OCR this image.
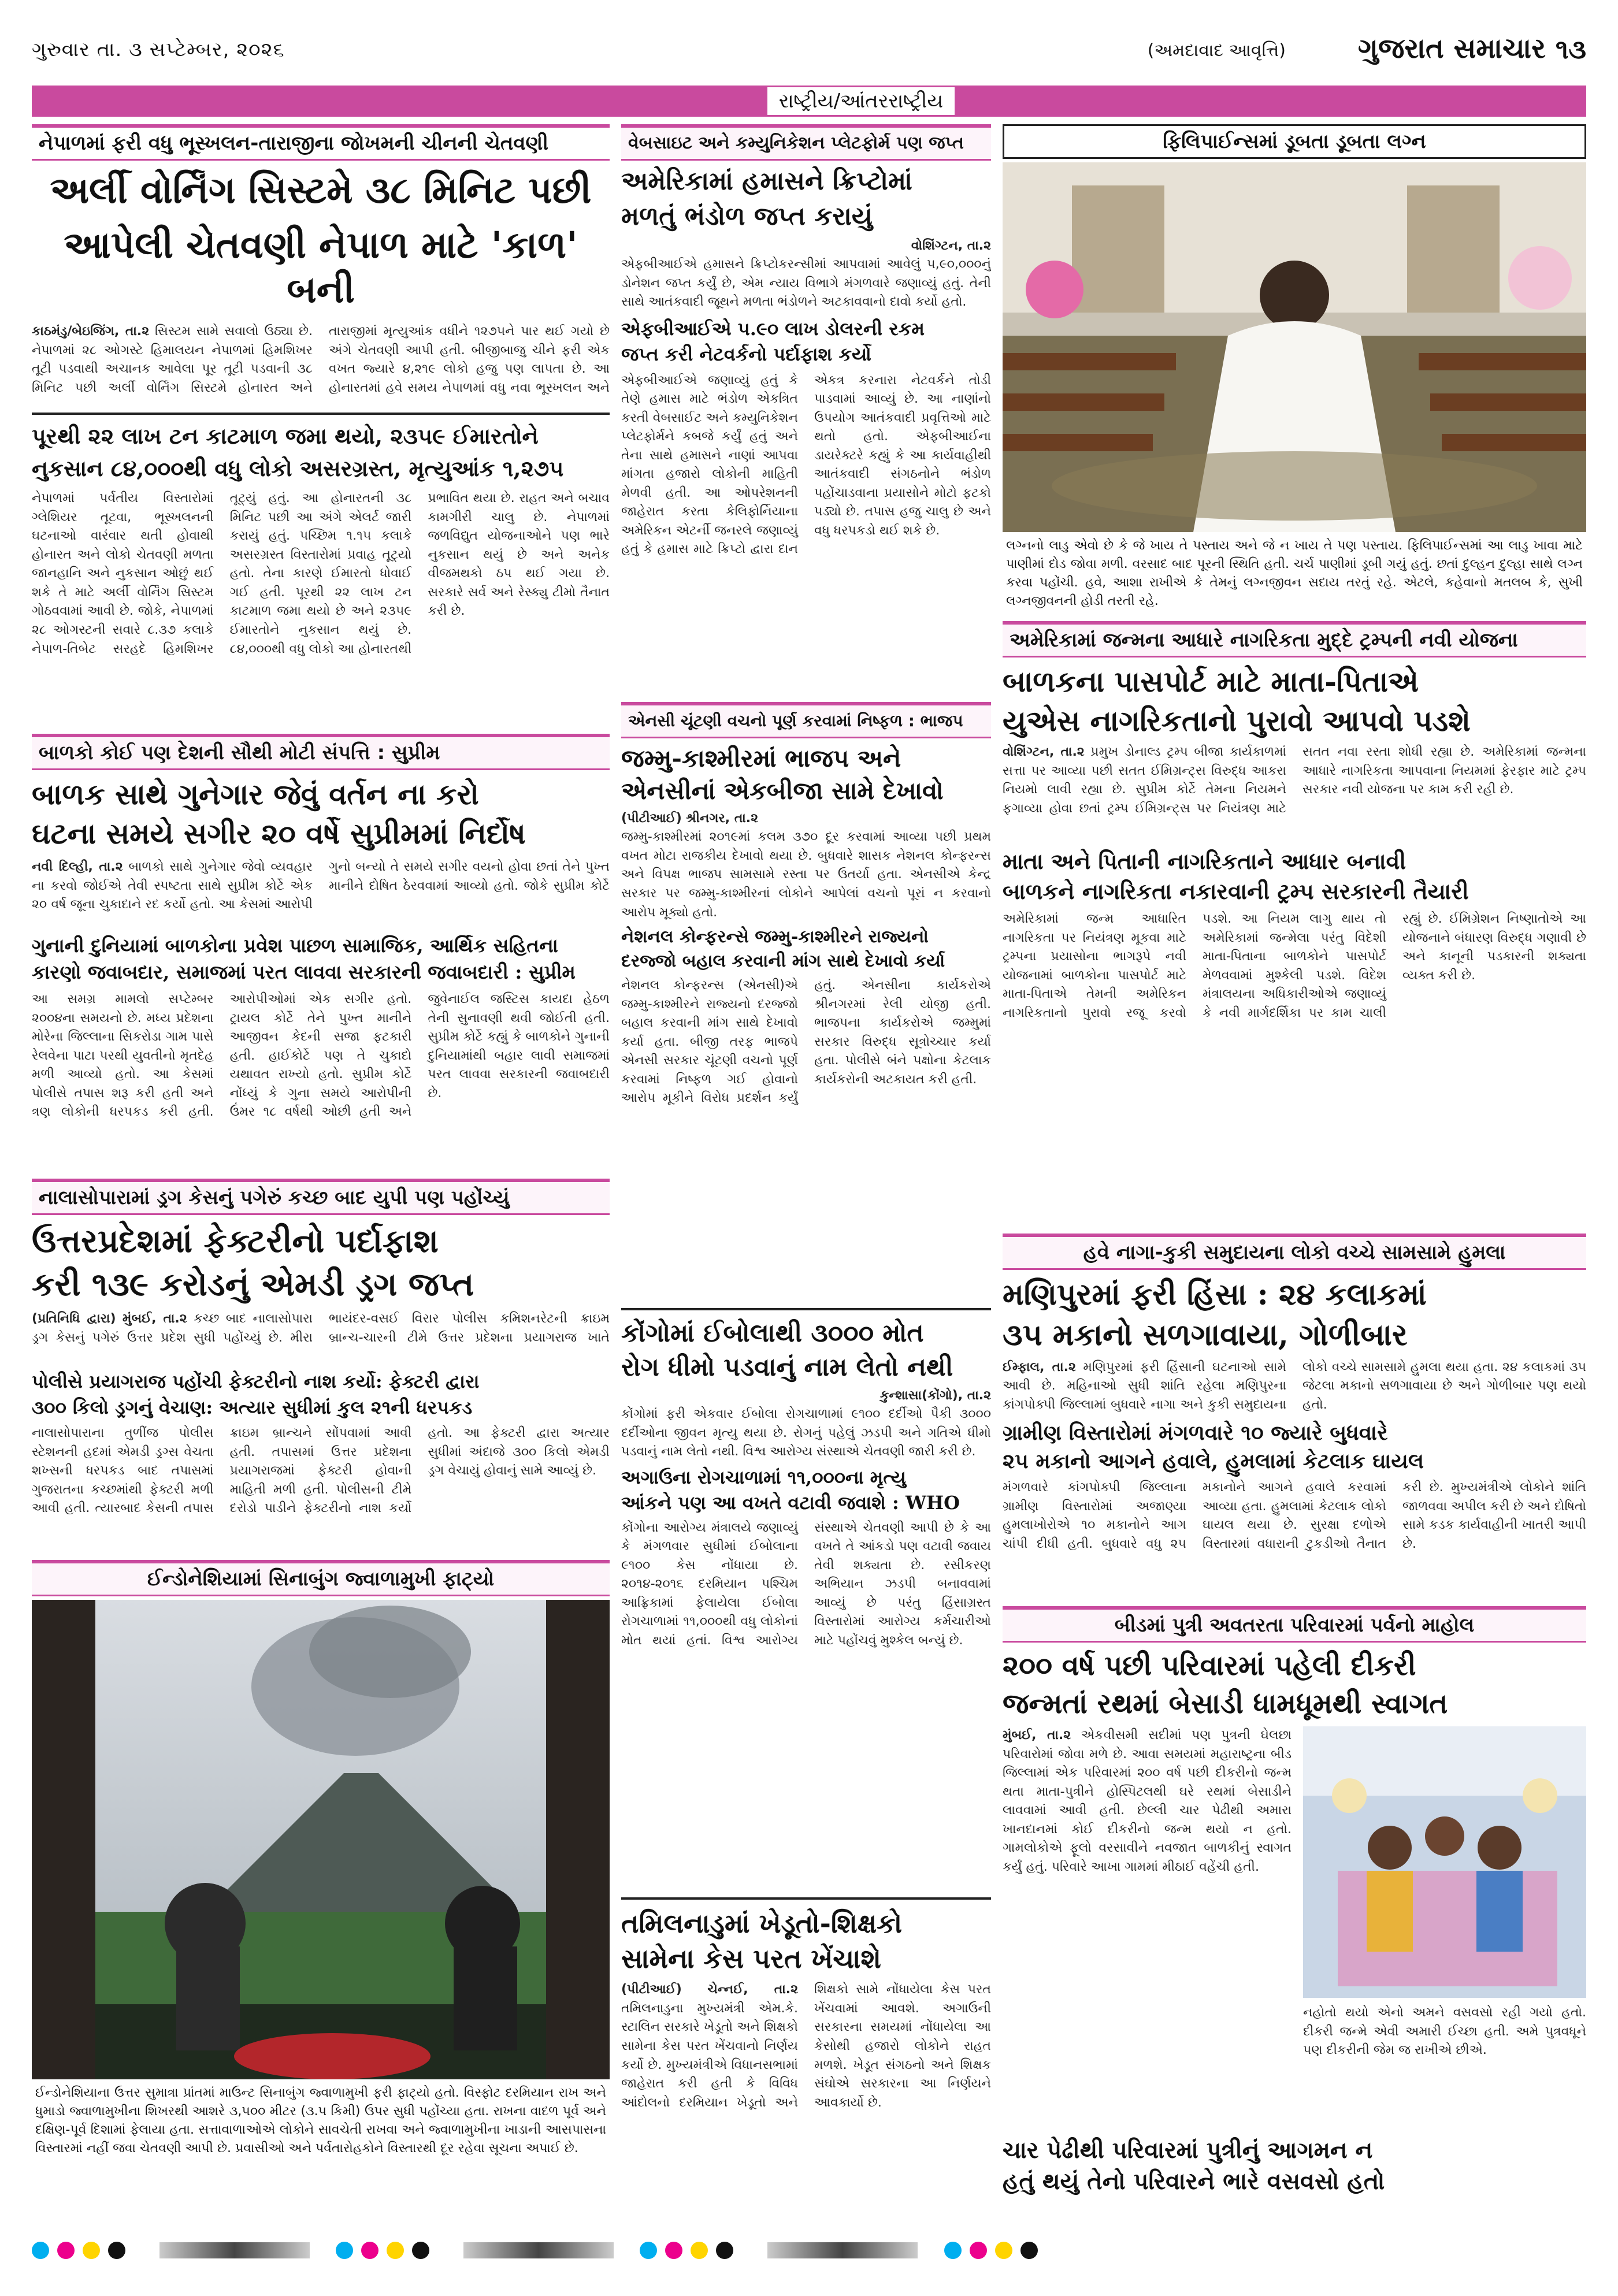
ગુરુવાર તા. ૩ સપ્ટેમ્બર, ૨૦૨૬	(અમદાવાદ આવૃત્તિ)	ગુજરાત સમાચાર ૧૩
રાષ્ટ્રીય/આંતરરાષ્ટ્રીય
નેપાળમાં ફરી વધુ ભૂસ્ખલન-તારાજીના જોખમની ચીનની ચેતવણી
અર્લી વોર્નિંગ સિસ્ટમે ૩૮ મિનિટ પછી
આપેલી ચેતવણી નેપાળ માટે 'કાળ' બની
કાઠમંડુ/બેઇજિંગ, તા.૨ સિસ્ટમ સામે સવાલો ઉઠ્યા છે. નેપાળમાં ૨૮ ઓગસ્ટે હિમાલયન નેપાળમાં હિમશિખર તૂટી પડવાથી અચાનક આવેલા પૂર તૂટી પડવાની ૩૮ મિનિટ પછી અર્લી વોર્નિંગ સિસ્ટમે હોનારત અને તારાજીમાં મૃત્યુઆંક વધીને ૧૨૭૫ને પાર થઈ ગયો છે અંગે ચેતવણી આપી હતી. બીજીબાજુ ચીને ફરી એક વખત જ્યારે ૪,૨૧૯ લોકો હજુ પણ લાપતા છે. આ હોનારતમાં હવે સમય નેપાળમાં વધુ નવા ભૂસ્ખલન અને
પૂરથી ૨૨ લાખ ટન કાટમાળ જમા થયો, ૨૩૫૯ ઈમારતોને
નુકસાન ૮૪,૦૦૦થી વધુ લોકો અસરગ્રસ્ત, મૃત્યુઆંક ૧,૨૭૫
નેપાળમાં પર્વતીય વિસ્તારોમાં ગ્લેશિયર તૂટવા, ભૂસ્ખલનની ઘટનાઓ વારંવાર થતી હોવાથી હોનારત અને લોકો ચેતવણી મળતા જાનહાનિ અને નુકસાન ઓછું થઈ શકે તે માટે અર્લી વોર્નિંગ સિસ્ટમ ગોઠવવામાં આવી છે. જોકે, નેપાળમાં ૨૮ ઓગસ્ટની સવારે ૮.૩૭ કલાકે નેપાળ-તિબેટ સરહદે હિમશિખર તૂટ્યું હતું. આ હોનારતની ૩૮ મિનિટ પછી આ અંગે એલર્ટ જારી કરાયું હતું. પચ્છિમ ૧.૧૫ કલાકે અસરગ્રસ્ત વિસ્તારોમાં પ્રવાહ તૂટ્યો હતો. તેના કારણે ઈમારતો ધોવાઈ ગઈ હતી. પૂરથી ૨૨ લાખ ટન કાટમાળ જમા થયો છે અને ૨૩૫૯ ઈમારતોને નુકસાન થયું છે. ૮૪,૦૦૦થી વધુ લોકો આ હોનારતથી પ્રભાવિત થયા છે. રાહત અને બચાવ કામગીરી ચાલુ છે. નેપાળમાં જળવિદ્યુત યોજનાઓને પણ ભારે નુકસાન થયું છે અને અનેક વીજમથકો ઠપ થઈ ગયા છે. સરકારે સર્વ અને રેસ્ક્યુ ટીમો તૈનાત કરી છે.
બાળકો કોઈ પણ દેશની સૌથી મોટી સંપત્તિ : સુપ્રીમ
બાળક સાથે ગુનેગાર જેવું વર્તન ના કરો
ઘટના સમયે સગીર ૨૦ વર્ષે સુપ્રીમમાં નિર્દોષ
નવી દિલ્હી, તા.૨ બાળકો સાથે ગુનેગાર જેવો વ્યવહાર ના કરવો જોઈએ તેવી સ્પષ્ટતા સાથે સુપ્રીમ કોર્ટે એક ૨૦ વર્ષ જૂના ચુકાદાને રદ કર્યો હતો. આ કેસમાં આરોપી ગુનો બન્યો તે સમયે સગીર વયનો હોવા છતાં તેને પુખ્ત માનીને દોષિત ઠેરવવામાં આવ્યો હતો. જોકે સુપ્રીમ કોર્ટે
ગુનાની દુનિયામાં બાળકોના પ્રવેશ પાછળ સામાજિક, આર્થિક સહિતના
કારણો જવાબદાર, સમાજમાં પરત લાવવા સરકારની જવાબદારી : સુપ્રીમ
આ સમગ્ર મામલો સપ્ટેમ્બર ૨૦૦૪ના સમયનો છે. મધ્ય પ્રદેશના મોરેના જિલ્લાના સિકરોડા ગામ પાસે રેલવેના પાટા પરથી યુવતીનો મૃતદેહ મળી આવ્યો હતો. આ કેસમાં પોલીસે તપાસ શરૂ કરી હતી અને ત્રણ લોકોની ધરપકડ કરી હતી. આરોપીઓમાં એક સગીર હતો. ટ્રાયલ કોર્ટે તેને પુખ્ત માનીને આજીવન કેદની સજા ફટકારી હતી. હાઈકોર્ટે પણ તે ચુકાદો યથાવત રાખ્યો હતો. સુપ્રીમ કોર્ટે નોંધ્યું કે ગુના સમયે આરોપીની ઉંમર ૧૮ વર્ષથી ઓછી હતી અને જુવેનાઈલ જસ્ટિસ કાયદા હેઠળ તેની સુનાવણી થવી જોઈતી હતી. સુપ્રીમ કોર્ટે કહ્યું કે બાળકોને ગુનાની દુનિયામાંથી બહાર લાવી સમાજમાં પરત લાવવા સરકારની જવાબદારી છે.
નાલાસોપારામાં ડ્રગ કેસનું પગેરું કચ્છ બાદ યુપી પણ પહોંચ્યું
ઉત્તરપ્રદેશમાં ફેક્ટરીનો પર્દાફાશ
કરી ૧૩૯ કરોડનું એમડી ડ્રગ જપ્ત
(પ્રતિનિધિ દ્વારા) મુંબઈ, તા.૨ કચ્છ બાદ નાલાસોપારા ડ્રગ કેસનું પગેરું ઉત્તર પ્રદેશ સુધી પહોંચ્યું છે. મીરા ભાયંદર-વસઈ વિરાર પોલીસ કમિશનરેટની ક્રાઇમ બ્રાન્ચ-ચારની ટીમે ઉત્તર પ્રદેશના પ્રયાગરાજ ખાતે
પોલીસે પ્રયાગરાજ પહોંચી ફેક્ટરીનો નાશ કર્યો: ફેક્ટરી દ્વારા
૩૦૦ કિલો ડ્રગનું વેચાણ: અત્યાર સુધીમાં કુલ ૨૧ની ધરપકડ
નાલાસોપારાના તુળીંજ પોલીસ સ્ટેશનની હદમાં એમડી ડ્રગ્સ વેચતા શખ્સની ધરપકડ બાદ તપાસમાં ગુજરાતના કચ્છમાંથી ફેક્ટરી મળી આવી હતી. ત્યારબાદ કેસની તપાસ ક્રાઇમ બ્રાન્ચને સોંપવામાં આવી હતી. તપાસમાં ઉત્તર પ્રદેશના પ્રયાગરાજમાં ફેક્ટરી હોવાની માહિતી મળી હતી. પોલીસની ટીમે દરોડો પાડીને ફેક્ટરીનો નાશ કર્યો હતો. આ ફેક્ટરી દ્વારા અત્યાર સુધીમાં અંદાજે ૩૦૦ કિલો એમડી ડ્રગ વેચાયું હોવાનું સામે આવ્યું છે.
ઈન્ડોનેશિયામાં સિનાબુંગ જ્વાળામુખી ફાટ્યો
ઈન્ડોનેશિયાના ઉત્તર સુમાત્રા પ્રાંતમાં માઉન્ટ સિનાબુંગ જ્વાળામુખી ફરી ફાટ્યો હતો. વિસ્ફોટ દરમિયાન રાખ અને ધુમાડો જ્વાળામુખીના શિખરથી આશરે ૩,૫૦૦ મીટર (૩.૫ કિમી) ઉપર સુધી પહોંચ્યા હતા. રાખના વાદળ પૂર્વ અને દક્ષિણ-પૂર્વ દિશામાં ફેલાયા હતા. સત્તાવાળાઓએ લોકોને સાવચેતી રાખવા અને જ્વાળામુખીના ખાડાની આસપાસના વિસ્તારમાં નહીં જવા ચેતવણી આપી છે. પ્રવાસીઓ અને પર્વતારોહકોને વિસ્તારથી દૂર રહેવા સૂચના અપાઈ છે.
વેબસાઇટ અને કમ્યુનિકેશન પ્લેટફોર્મ પણ જપ્ત
અમેરિકામાં હમાસને ક્રિપ્ટોમાં
મળતું ભંડોળ જપ્ત કરાયું
વોશિંગ્ટન, તા.૨
એફબીઆઈએ હમાસને ક્રિપ્ટોકરન્સીમાં આપવામાં આવેલું ૫,૯૦,૦૦૦નું ડોનેશન જપ્ત કર્યું છે, એમ ન્યાય વિભાગે મંગળવારે જણાવ્યું હતું. તેની સાથે આતંકવાદી જૂથને મળતા ભંડોળને અટકાવવાનો દાવો કર્યો હતો.
એફબીઆઈએ ૫.૯૦ લાખ ડોલરની રકમ
જપ્ત કરી નેટવર્કનો પર્દાફાશ કર્યો
એફબીઆઈએ જણાવ્યું હતું કે તેણે હમાસ માટે ભંડોળ એકત્રિત કરતી વેબસાઈટ અને કમ્યુનિકેશન પ્લેટફોર્મને કબજે કર્યું હતું અને તેના સાથે હમાસને નાણાં આપવા માંગતા હજારો લોકોની માહિતી મેળવી હતી. આ ઓપરેશનની જાહેરાત કરતા કેલિફોર્નિયાના અમેરિકન એટર્ની જનરલે જણાવ્યું હતું કે હમાસ માટે ક્રિપ્ટો દ્વારા દાન એકત્ર કરનારા નેટવર્કને તોડી પાડવામાં આવ્યું છે. આ નાણાંનો ઉપયોગ આતંકવાદી પ્રવૃત્તિઓ માટે થતો હતો. એફબીઆઈના ડાયરેક્ટરે કહ્યું કે આ કાર્યવાહીથી આતંકવાદી સંગઠનોને ભંડોળ પહોંચાડવાના પ્રયાસોને મોટો ફટકો પડ્યો છે. તપાસ હજુ ચાલુ છે અને વધુ ધરપકડો થઈ શકે છે.
એનસી ચૂંટણી વચનો પૂર્ણ કરવામાં નિષ્ફળ : ભાજપ
જમ્મુ-કાશ્મીરમાં ભાજપ અને
એનસીનાં એકબીજા સામે દેખાવો
(પીટીઆઈ) શ્રીનગર, તા.૨
જમ્મુ-કાશ્મીરમાં ૨૦૧૯માં કલમ ૩૭૦ દૂર કરવામાં આવ્યા પછી પ્રથમ વખત મોટા રાજકીય દેખાવો થયા છે. બુધવારે શાસક નેશનલ કોન્ફરન્સ અને વિપક્ષ ભાજપ સામસામે રસ્તા પર ઉતર્યા હતા. એનસીએ કેન્દ્ર સરકાર પર જમ્મુ-કાશ્મીરનાં લોકોને આપેલાં વચનો પૂરાં ન કરવાનો આરોપ મૂક્યો હતો.
નેશનલ કોન્ફરન્સે જમ્મુ-કાશ્મીરને રાજ્યનો
દરજ્જો બહાલ કરવાની માંગ સાથે દેખાવો કર્યા
નેશનલ કોન્ફરન્સ (એનસી)એ જમ્મુ-કાશ્મીરને રાજ્યનો દરજ્જો બહાલ કરવાની માંગ સાથે દેખાવો કર્યા હતા. બીજી તરફ ભાજપે એનસી સરકાર ચૂંટણી વચનો પૂર્ણ કરવામાં નિષ્ફળ ગઈ હોવાનો આરોપ મૂકીને વિરોધ પ્રદર્શન કર્યું હતું. એનસીના કાર્યકરોએ શ્રીનગરમાં રેલી યોજી હતી. ભાજપના કાર્યકરોએ જમ્મુમાં સરકાર વિરુદ્ધ સૂત્રોચ્ચાર કર્યા હતા. પોલીસે બંને પક્ષોના કેટલાક કાર્યકરોની અટકાયત કરી હતી.
કોંગોમાં ઈબોલાથી ૩૦૦૦ મોત
રોગ ધીમો પડવાનું નામ લેતો નથી
કુન્શાસા(કોંગો), તા.૨
કોંગોમાં ફરી એકવાર ઈબોલા રોગચાળામાં ૯૧૦૦ દર્દીઓ પૈકી ૩૦૦૦ દર્દીઓના જીવન મૃત્યુ થયા છે. રોગનું પહેલું ઝડપી અને ગતિએ ધીમો પડવાનું નામ લેતો નથી. વિશ્વ આરોગ્ય સંસ્થાએ ચેતવણી જારી કરી છે.
અગાઉના રોગચાળામાં ૧૧,૦૦૦ના મૃત્યુ
આંકને પણ આ વખતે વટાવી જવાશે : WHO
કોંગોના આરોગ્ય મંત્રાલયે જણાવ્યું કે મંગળવાર સુધીમાં ઈબોલાના ૯૧૦૦ કેસ નોંધાયા છે. ૨૦૧૪-૨૦૧૬ દરમિયાન પશ્ચિમ આફ્રિકામાં ફેલાયેલા ઈબોલા રોગચાળામાં ૧૧,૦૦૦થી વધુ લોકોનાં મોત થયાં હતાં. વિશ્વ આરોગ્ય સંસ્થાએ ચેતવણી આપી છે કે આ વખતે તે આંકડો પણ વટાવી જવાય તેવી શક્યતા છે. રસીકરણ અભિયાન ઝડપી બનાવવામાં આવ્યું છે પરંતુ હિંસાગ્રસ્ત વિસ્તારોમાં આરોગ્ય કર્મચારીઓ માટે પહોંચવું મુશ્કેલ બન્યું છે.
તમિલનાડુમાં ખેડૂતો-શિક્ષકો
સામેના કેસ પરત ખેંચાશે
(પીટીઆઈ) ચેન્નઈ, તા.૨ તમિલનાડુના મુખ્યમંત્રી એમ.કે. સ્ટાલિન સરકારે ખેડૂતો અને શિક્ષકો સામેના કેસ પરત ખેંચવાનો નિર્ણય કર્યો છે. મુખ્યમંત્રીએ વિધાનસભામાં જાહેરાત કરી હતી કે વિવિધ આંદોલનો દરમિયાન ખેડૂતો અને શિક્ષકો સામે નોંધાયેલા કેસ પરત ખેંચવામાં આવશે. અગાઉની સરકારના સમયમાં નોંધાયેલા આ કેસોથી હજારો લોકોને રાહત મળશે. ખેડૂત સંગઠનો અને શિક્ષક સંઘોએ સરકારના આ નિર્ણયને આવકાર્યો છે.
ફિલિપાઈન્સમાં ડૂબતા ડૂબતા લગ્ન
લગ્નનો લાડુ એવો છે કે જે ખાય તે પસ્તાય અને જે ન ખાય તે પણ પસ્તાય. ફિલિપાઈન્સમાં આ લાડુ ખાવા માટે પાણીમાં દોડ જોવા મળી. વરસાદ બાદ પૂરની સ્થિતિ હતી. ચર્ચ પાણીમાં ડૂબી ગયું હતું. છતાં દુલ્હન દુલ્હા સાથે લગ્ન કરવા પહોંચી. હવે, આશા રાખીએ કે તેમનું લગ્નજીવન સદાય તરતું રહે. એટલે, કહેવાનો મતલબ કે, સુખી લગ્નજીવનની હોડી તરતી રહે.
અમેરિકામાં જન્મના આધારે નાગરિકતા મુદ્દે ટ્રમ્પની નવી યોજના
બાળકના પાસપોર્ટ માટે માતા-પિતાએ
યુએસ નાગરિકતાનો પુરાવો આપવો પડશે
વોશિંગ્ટન, તા.૨ પ્રમુખ ડોનાલ્ડ ટ્રમ્પ બીજા કાર્યકાળમાં સત્તા પર આવ્યા પછી સતત ઈમિગ્રન્ટ્સ વિરુદ્ધ આકરા નિયમો લાવી રહ્યા છે. સુપ્રીમ કોર્ટે તેમના નિયમને ફગાવ્યા હોવા છતાં ટ્રમ્પ ઈમિગ્રન્ટ્સ પર નિયંત્રણ માટે સતત નવા રસ્તા શોધી રહ્યા છે. અમેરિકામાં જન્મના આધારે નાગરિકતા આપવાના નિયમમાં ફેરફાર માટે ટ્રમ્પ સરકાર નવી યોજના પર કામ કરી રહી છે.
માતા અને પિતાની નાગરિકતાને આધાર બનાવી
બાળકને નાગરિકતા નકારવાની ટ્રમ્પ સરકારની તૈયારી
અમેરિકામાં જન્મ આધારિત નાગરિકતા પર નિયંત્રણ મૂકવા માટે ટ્રમ્પના પ્રયાસોના ભાગરૂપે નવી યોજનામાં બાળકોના પાસપોર્ટ માટે માતા-પિતાએ તેમની અમેરિકન નાગરિકતાનો પુરાવો રજૂ કરવો પડશે. આ નિયમ લાગુ થાય તો અમેરિકામાં જન્મેલા પરંતુ વિદેશી માતા-પિતાના બાળકોને પાસપોર્ટ મેળવવામાં મુશ્કેલી પડશે. વિદેશ મંત્રાલયના અધિકારીઓએ જણાવ્યું કે નવી માર્ગદર્શિકા પર કામ ચાલી રહ્યું છે. ઈમિગ્રેશન નિષ્ણાતોએ આ યોજનાને બંધારણ વિરુદ્ધ ગણાવી છે અને કાનૂની પડકારની શક્યતા વ્યક્ત કરી છે.
હવે નાગા-કુકી સમુદાયના લોકો વચ્ચે સામસામે હુમલા
મણિપુરમાં ફરી હિંસા : ૨૪ કલાકમાં
૩૫ મકાનો સળગાવાયા, ગોળીબાર
ઈમ્ફાલ, તા.૨ મણિપુરમાં ફરી હિંસાની ઘટનાઓ સામે આવી છે. મહિનાઓ સુધી શાંતિ રહેલા મણિપુરના કાંગપોક્પી જિલ્લામાં બુધવારે નાગા અને કુકી સમુદાયના લોકો વચ્ચે સામસામે હુમલા થયા હતા. ૨૪ કલાકમાં ૩૫ જેટલા મકાનો સળગાવાયા છે અને ગોળીબાર પણ થયો હતો.
ગ્રામીણ વિસ્તારોમાં મંગળવારે ૧૦ જ્યારે બુધવારે
૨૫ મકાનો આગને હવાલે, હુમલામાં કેટલાક ઘાયલ
મંગળવારે કાંગપોક્પી જિલ્લાના ગ્રામીણ વિસ્તારોમાં અજાણ્યા હુમલાખોરોએ ૧૦ મકાનોને આગ ચાંપી દીધી હતી. બુધવારે વધુ ૨૫ મકાનોને આગને હવાલે કરવામાં આવ્યા હતા. હુમલામાં કેટલાક લોકો ઘાયલ થયા છે. સુરક્ષા દળોએ વિસ્તારમાં વધારાની ટુકડીઓ તૈનાત કરી છે. મુખ્યમંત્રીએ લોકોને શાંતિ જાળવવા અપીલ કરી છે અને દોષિતો સામે કડક કાર્યવાહીની ખાતરી આપી છે.
બીડમાં પુત્રી અવતરતા પરિવારમાં પર્વનો માહોલ
૨૦૦ વર્ષ પછી પરિવારમાં પહેલી દીકરી
જન્મતાં રથમાં બેસાડી ધામધૂમથી સ્વાગત
મુંબઈ, તા.૨ એકવીસમી સદીમાં પણ પુત્રની ઘેલછા પરિવારોમાં જોવા મળે છે. આવા સમયમાં મહારાષ્ટ્રના બીડ જિલ્લામાં એક પરિવારમાં ૨૦૦ વર્ષ પછી દીકરીનો જન્મ થતા માતા-પુત્રીને હોસ્પિટલથી ઘરે રથમાં બેસાડીને લાવવામાં આવી હતી. છેલ્લી ચાર પેઢીથી અમારા ખાનદાનમાં કોઈ દીકરીનો જન્મ થયો ન હતો. ગામલોકોએ ફૂલો વરસાવીને નવજાત બાળકીનું સ્વાગત કર્યું હતું. પરિવારે આખા ગામમાં મીઠાઈ વહેંચી હતી.
નહોતો થયો એનો અમને વસવસો રહી ગયો હતો. દીકરી જન્મે એવી અમારી ઈચ્છા હતી. અમે પુત્રવધૂને પણ દીકરીની જેમ જ રાખીએ છીએ.
ચાર પેઢીથી પરિવારમાં પુત્રીનું આગમન ન
હતું થયું તેનો પરિવારને ભારે વસવસો હતો
